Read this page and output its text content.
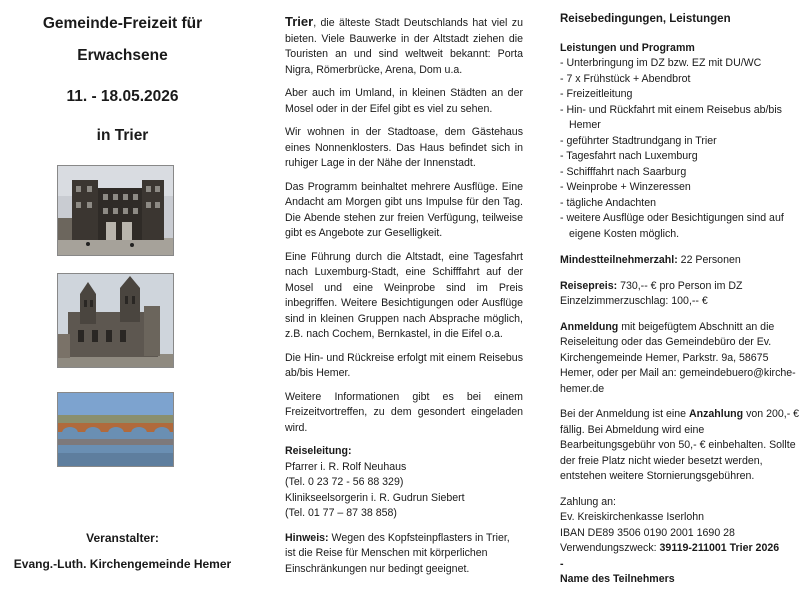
Gemeinde-Freizeit für
Erwachsene
11. - 18.05.2026
in Trier
Veranstalter:
Evang.-Luth. Kirchengemeinde Hemer

Trier, die älteste Stadt Deutschlands hat viel zu bieten. Viele Bauwerke in der Altstadt ziehen die Touristen an und sind weltweit bekannt: Porta Nigra, Römerbrücke, Arena, Dom u.a.

Aber auch im Umland, in kleinen Städten an der Mosel oder in der Eifel gibt es viel zu sehen.

Wir wohnen in der Stadtoase, dem Gästehaus eines Nonnenklosters. Das Haus befindet sich in ruhiger Lage in der Nähe der Innenstadt.

Das Programm beinhaltet mehrere Ausflüge. Eine Andacht am Morgen gibt uns Impulse für den Tag. Die Abende stehen zur freien Verfügung, teilweise gibt es Angebote zur Geselligkeit.

Eine Führung durch die Altstadt, eine Tagesfahrt nach Luxemburg-Stadt, eine Schifffahrt auf der Mosel und eine Weinprobe sind im Preis inbegriffen. Weitere Besichtigungen oder Ausflüge sind in kleinen Gruppen nach Absprache möglich, z.B. nach Cochem, Bernkastel, in die Eifel o.a.

Die Hin- und Rückreise erfolgt mit einem Reisebus ab/bis Hemer.

Weitere Informationen gibt es bei einem Freizeitvortreffen, zu dem gesondert eingeladen wird.

Reiseleitung:
Pfarrer i. R. Rolf Neuhaus
(Tel. 0 23 72 - 56 88 329)
Klinikseelsorgerin i. R. Gudrun Siebert
(Tel. 01 77 – 87 38 858)

Hinweis: Wegen des Kopfsteinpflasters in Trier, ist die Reise für Menschen mit körperlichen Einschränkungen nur bedingt geeignet.

Reisebedingungen, Leistungen
Leistungen und Programm
- Unterbringung im DZ bzw. EZ mit DU/WC
- 7 x Frühstück + Abendbrot
- Freizeitleitung
- Hin- und Rückfahrt mit einem Reisebus ab/bis Hemer
- geführter Stadtrundgang in Trier
- Tagesfahrt nach Luxemburg
- Schifffahrt nach Saarburg
- Weinprobe + Winzeressen
- tägliche Andachten
- weitere Ausflüge oder Besichtigungen sind auf eigene Kosten möglich.
Mindestteilnehmerzahl: 22 Personen
Reisepreis: 730,-- € pro Person im DZ
Einzelzimmerzuschlag: 100,-- €
Anmeldung mit beigefügtem Abschnitt an die Reiseleitung oder das Gemeindebüro der Ev. Kirchengemeinde Hemer, Parkstr. 9a, 58675 Hemer, oder per Mail an: gemeindebuero@kirche-hemer.de
Bei der Anmeldung ist eine Anzahlung von 200,- € fällig. Bei Abmeldung wird eine Bearbeitungsgebühr von 50,- € einbehalten. Sollte der freie Platz nicht wieder besetzt werden, entstehen weitere Stornierungsgebühren.
Zahlung an:
Ev. Kreiskirchenkasse Iserlohn
IBAN DE89 3506 0190 2001 1690 28
Verwendungszweck: 39119-211001 Trier 2026
-
Name des Teilnehmers
